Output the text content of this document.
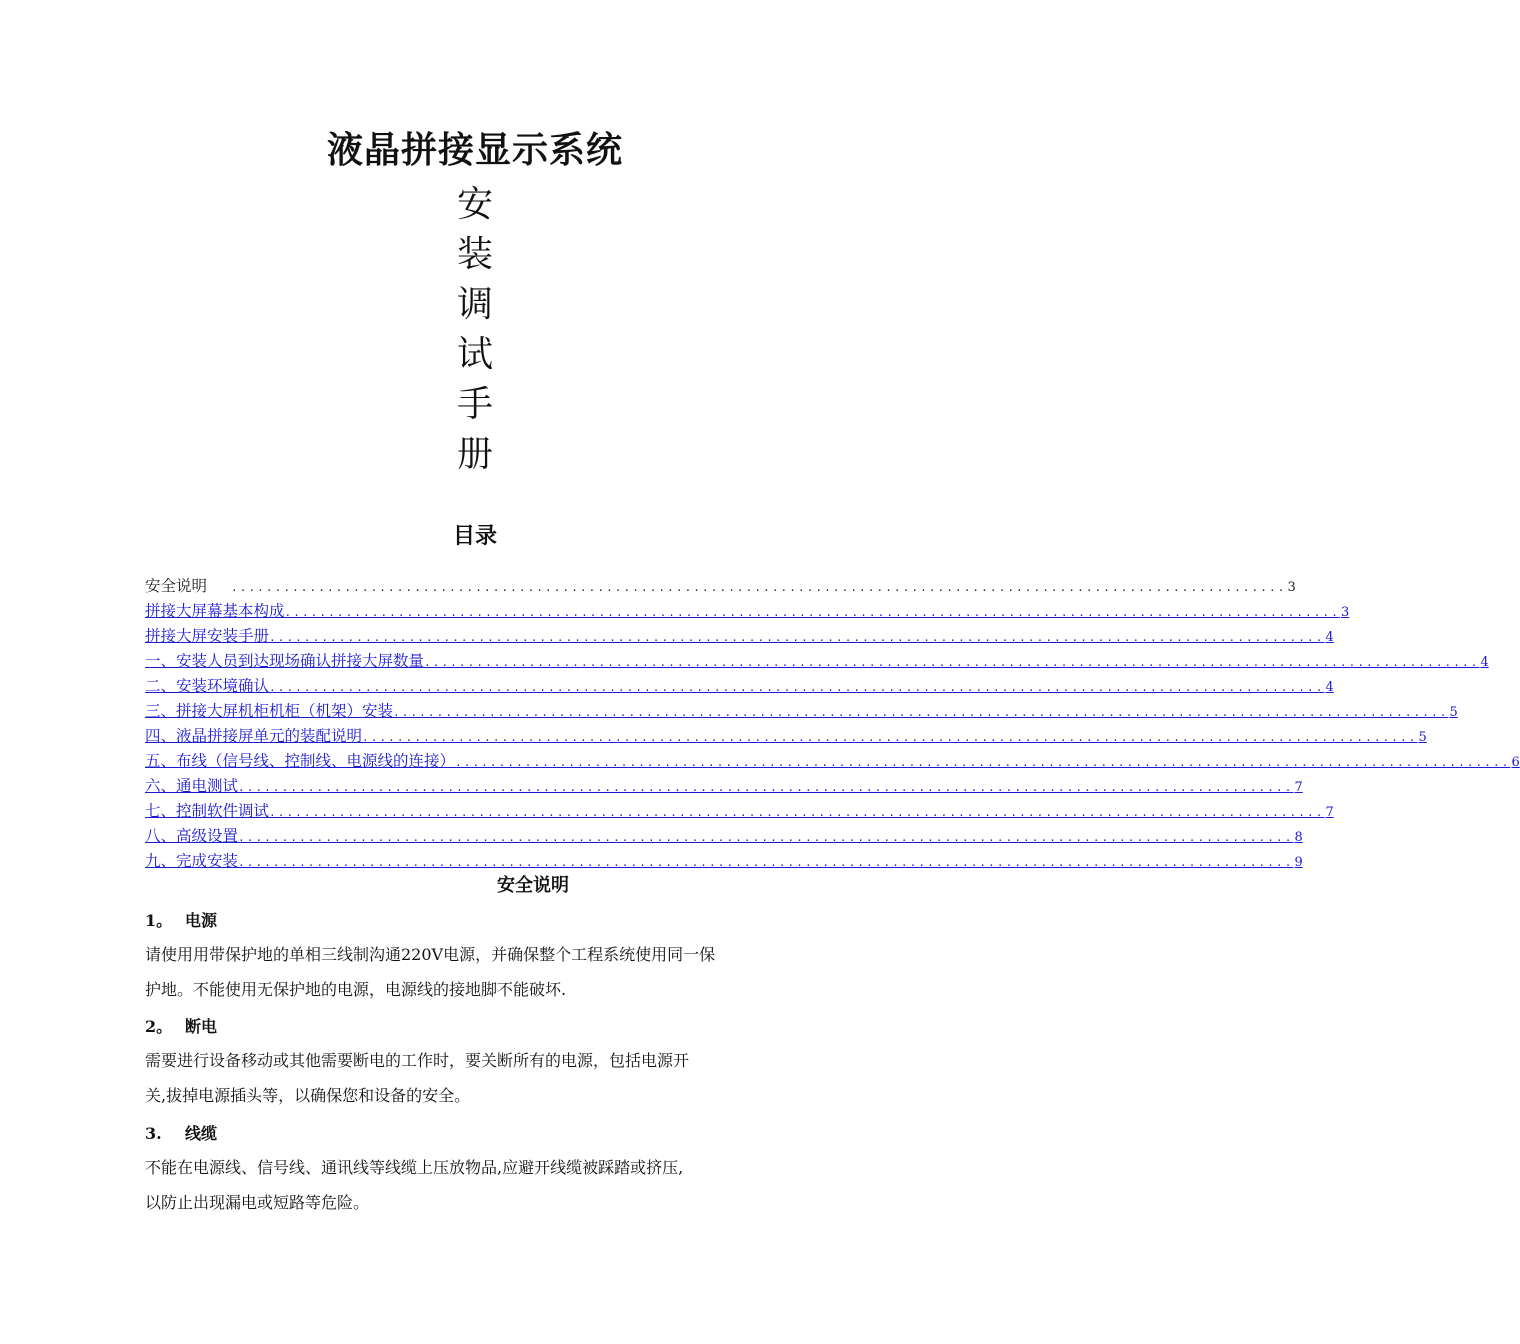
液晶拼接显示系统
安
装
调
试
手
册
目录
安全说明	......................................................................................................................... 3
拼接大屏幕基本构成 ......................................................................................................................... 3
拼接大屏安装手册 ......................................................................................................................... 4
一、安装人员到达现场确认拼接大屏数量 ......................................................................................................................... 4
二、安装环境确认 ......................................................................................................................... 4
三、拼接大屏机柜机柜（机架）安装 ......................................................................................................................... 5
四、液晶拼接屏单元的装配说明 ......................................................................................................................... 5
五、布线（信号线、控制线、电源线的连接） ......................................................................................................................... 6
六、通电测试 ......................................................................................................................... 7
七、控制软件调试 ......................................................................................................................... 7
八、高级设置 ......................................................................................................................... 8
九、完成安装 ......................................................................................................................... 9
安全说明
1。 电源
请使用用带保护地的单相三线制沟通220V电源，并确保整个工程系统使用同一保
护地。不能使用无保护地的电源，电源线的接地脚不能破坏.
2。 断电
需要进行设备移动或其他需要断电的工作时，要关断所有的电源，包括电源开
关,拔掉电源插头等，以确保您和设备的安全。
3. 线缆
不能在电源线、信号线、通讯线等线缆上压放物品,应避开线缆被踩踏或挤压,
以防止出现漏电或短路等危险。
